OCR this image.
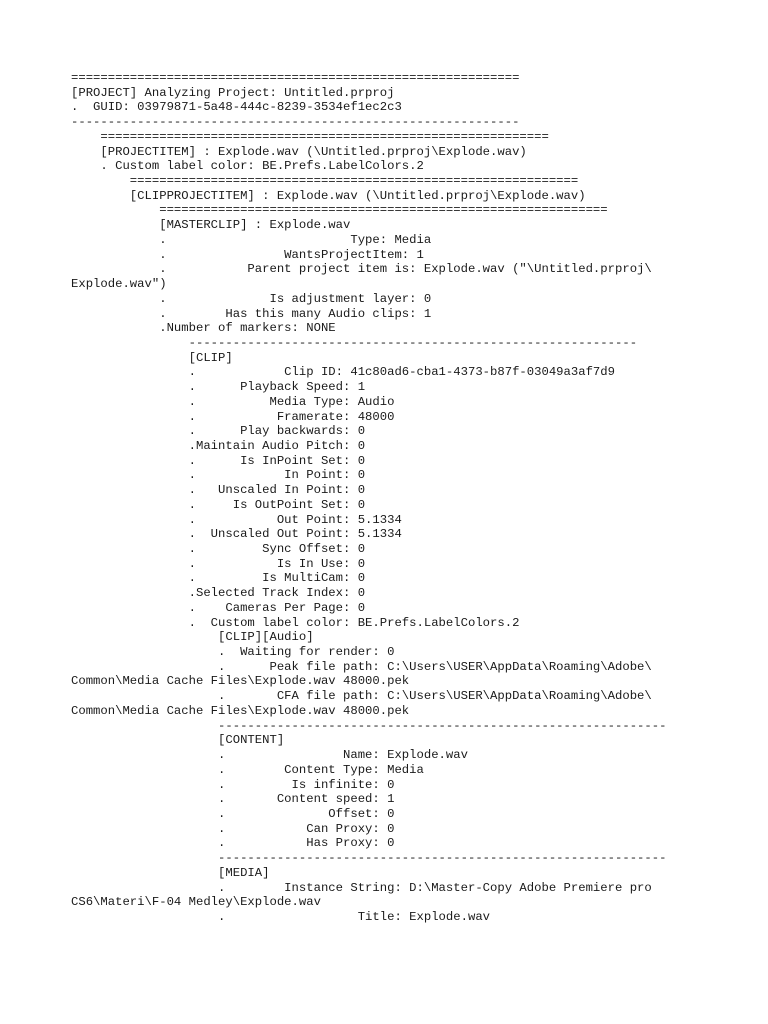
=============================================================
[PROJECT] Analyzing Project: Untitled.prproj
.  GUID: 03979871-5a48-444c-8239-3534ef1ec2c3
-------------------------------------------------------------
=============================================================
[PROJECTITEM] : Explode.wav (\Untitled.prproj\Explode.wav)
. Custom label color: BE.Prefs.LabelColors.2
=============================================================
[CLIPPROJECTITEM] : Explode.wav (\Untitled.prproj\Explode.wav)
=============================================================
[MASTERCLIP] : Explode.wav
.                         Type: Media
.                WantsProjectItem: 1
.           Parent project item is: Explode.wav ("\Untitled.prproj\
Explode.wav")
.              Is adjustment layer: 0
.        Has this many Audio clips: 1
.Number of markers: NONE
-------------------------------------------------------------
[CLIP]
.            Clip ID: 41c80ad6-cba1-4373-b87f-03049a3af7d9
.      Playback Speed: 1
.          Media Type: Audio
.           Framerate: 48000
.      Play backwards: 0
.Maintain Audio Pitch: 0
.      Is InPoint Set: 0
.            In Point: 0
.   Unscaled In Point: 0
.     Is OutPoint Set: 0
.           Out Point: 5.1334
.  Unscaled Out Point: 5.1334
.         Sync Offset: 0
.           Is In Use: 0
.         Is MultiCam: 0
.Selected Track Index: 0
.    Cameras Per Page: 0
.  Custom label color: BE.Prefs.LabelColors.2
[CLIP][Audio]
.  Waiting for render: 0
.      Peak file path: C:\Users\USER\AppData\Roaming\Adobe\
Common\Media Cache Files\Explode.wav 48000.pek
.       CFA file path: C:\Users\USER\AppData\Roaming\Adobe\
Common\Media Cache Files\Explode.wav 48000.pek
-------------------------------------------------------------
[CONTENT]
.                Name: Explode.wav
.        Content Type: Media
.         Is infinite: 0
.       Content speed: 1
.              Offset: 0
.           Can Proxy: 0
.           Has Proxy: 0
-------------------------------------------------------------
[MEDIA]
.        Instance String: D:\Master-Copy Adobe Premiere pro
CS6\Materi\F-04 Medley\Explode.wav
.                  Title: Explode.wav
